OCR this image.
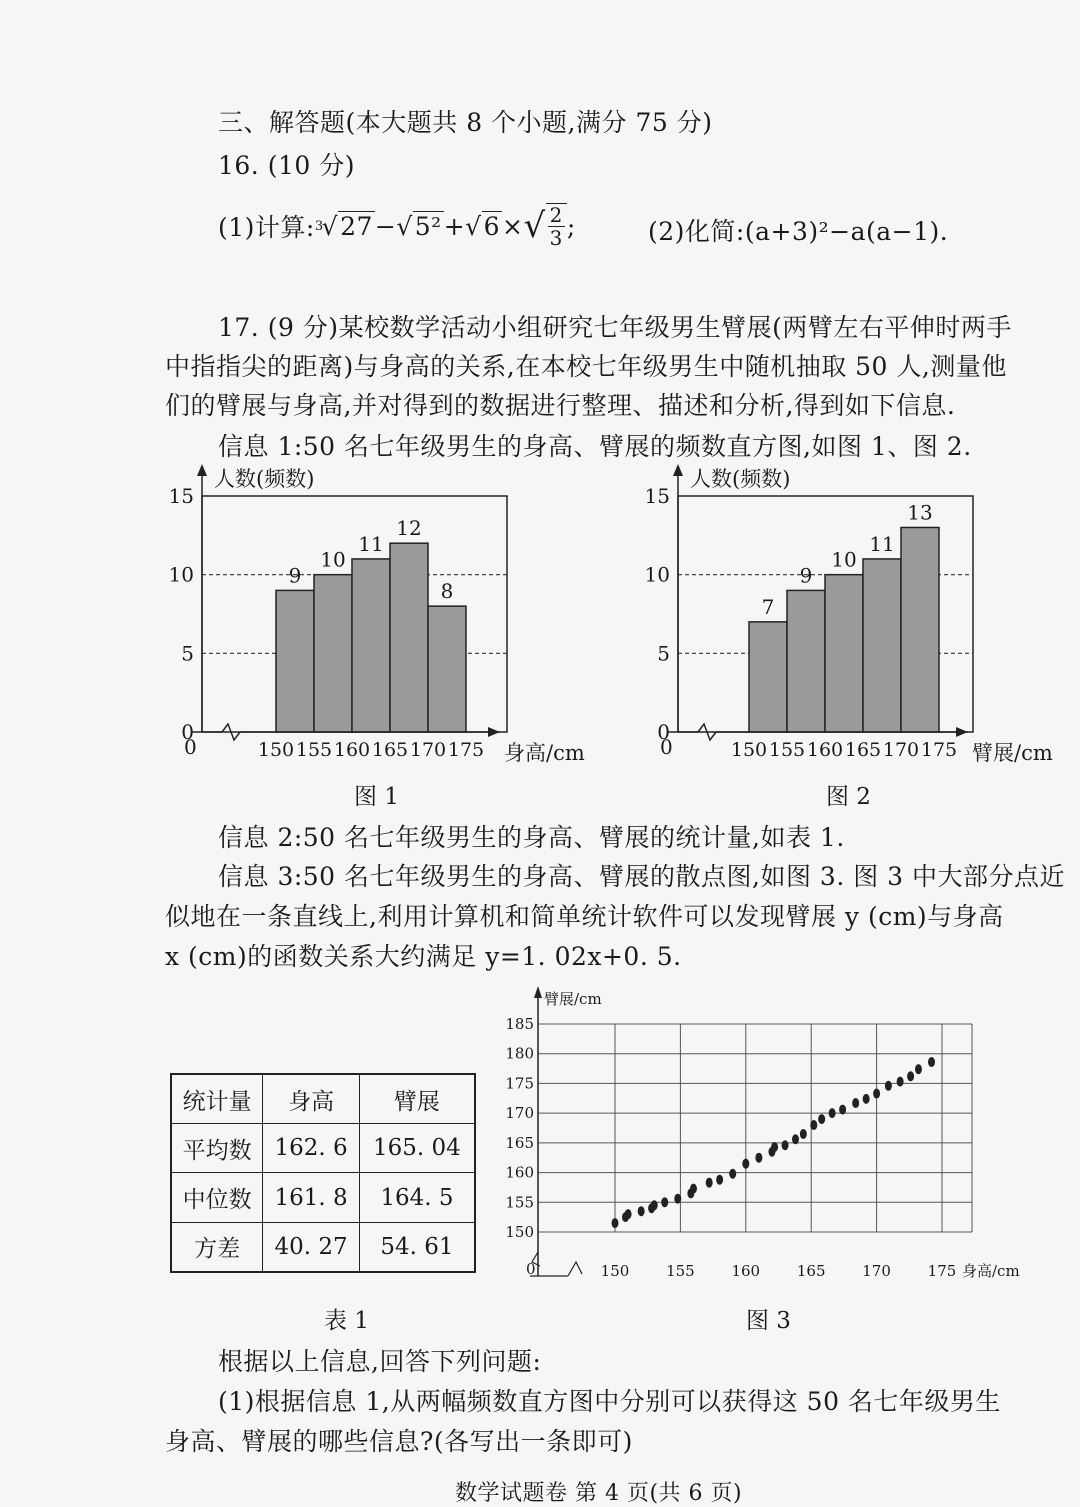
三、解答题(本大题共 8 个小题,满分 75 分)
16. (10 分)
(1)计算: 3
√ 27 − √ 5² + √ 6 × √ $\frac{2}{3}$ ;	(2)化简:(a+3)²−a(a−1).
17. (9 分)某校数学活动小组研究七年级男生臂展(两臂左右平伸时两手
中指指尖的距离)与身高的关系,在本校七年级男生中随机抽取 50 人,测量他
们的臂展与身高,并对得到的数据进行整理、描述和分析,得到如下信息.
信息 1:50 名七年级男生的身高、臂展的频数直方图,如图 1、图 2.
9
10
11
12
8
人数(频数)
0
5
10
15
150 155 160 165 170 175 身高/cm
0
图 1
7
9
10
11
13
人数(频数)
0
5
10
15
150 155 160 165 170 175 臂展/cm
0
图 2
信息 2:50 名七年级男生的身高、臂展的统计量,如表 1.
信息 3:50 名七年级男生的身高、臂展的散点图,如图 3. 图 3 中大部分点近
似地在一条直线上,利用计算机和简单统计软件可以发现臂展 y (cm)与身高
x (cm)的函数关系大约满足 y=1. 02x+0. 5.
统计量	身高	臂展
平均数	162. 6	165. 04
中位数	161. 8	164. 5
方差	40. 27	54. 61
表 1
臂展/cm
0
150
155
160
165
170
175
180
185
150 155 160 165 170 175 身高/cm
图 3
根据以上信息,回答下列问题:
(1)根据信息 1,从两幅频数直方图中分别可以获得这 50 名七年级男生
身高、臂展的哪些信息?(各写出一条即可)
数学试题卷 第 4 页(共 6 页)
